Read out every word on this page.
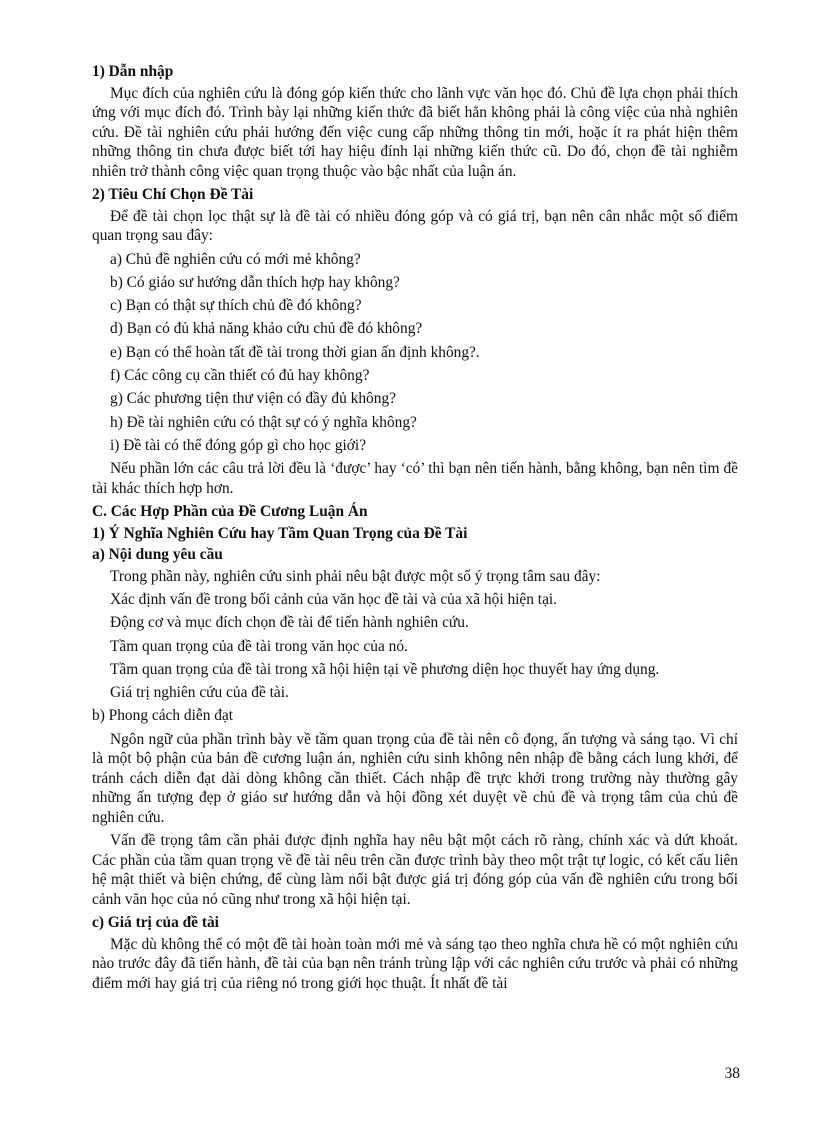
1) Dẫn nhập

Mục đích của nghiên cứu là đóng góp kiến thức cho lãnh vực văn học đó. Chủ đề lựa chọn phải thích ứng với mục đích đó. Trình bày lại những kiến thức đã biết hẳn không phải là công việc của nhà nghiên cứu. Đề tài nghiên cứu phải hướng đến việc cung cấp những thông tin mới, hoặc ít ra phát hiện thêm những thông tin chưa được biết tới hay hiệu đính lại những kiến thức cũ. Do đó, chọn đề tài nghiễm nhiên trở thành công việc quan trọng thuộc vào bậc nhất của luận án.

2) Tiêu Chí Chọn Đề Tài

Để đề tài chọn lọc thật sự là đề tài có nhiều đóng góp và có giá trị, bạn nên cân nhắc một số điểm quan trọng sau đây:

a) Chủ đề nghiên cứu có mới mẻ không?
b) Có giáo sư hướng dẫn thích hợp hay không?
c) Bạn có thật sự thích chủ đề đó không?
d) Bạn có đủ khả năng khảo cứu chủ đề đó không?
e) Bạn có thể hoàn tất đề tài trong thời gian ấn định không?.
f) Các công cụ cần thiết có đủ hay không?
g) Các phương tiện thư viện có đầy đủ không?
h) Đề tài nghiên cứu có thật sự có ý nghĩa không?
i) Đề tài có thể đóng góp gì cho học giới?

Nếu phần lớn các câu trả lời đều là ‘được’ hay ‘có’ thì bạn nên tiến hành, bằng không, bạn nên tìm đề tài khác thích hợp hơn.

C. Các Hợp Phần của Đề Cương Luận Án
1) Ý Nghĩa Nghiên Cứu hay Tầm Quan Trọng của Đề Tài
a) Nội dung yêu cầu
Trong phần này, nghiên cứu sinh phải nêu bật được một số ý trọng tâm sau đây:
Xác định vấn đề trong bối cảnh của văn học đề tài và của xã hội hiện tại.
Động cơ và mục đích chọn đề tài để tiến hành nghiên cứu.
Tầm quan trọng của đề tài trong văn học của nó.
Tầm quan trọng của đề tài trong xã hội hiện tại về phương diện học thuyết hay ứng dụng.
Giá trị nghiên cứu của đề tài.
b) Phong cách diễn đạt

Ngôn ngữ của phần trình bày về tầm quan trọng của đề tài nên cô đọng, ấn tượng và sáng tạo. Vì chỉ là một bộ phận của bản đề cương luận án, nghiên cứu sinh không nên nhập đề bằng cách lung khởi, để tránh cách diễn đạt dài dòng không cần thiết. Cách nhập đề trực khởi trong trường này thường gây những ấn tượng đẹp ở giáo sư hướng dẫn và hội đồng xét duyệt về chủ đề và trọng tâm của chủ đề nghiên cứu.

Vấn đề trọng tâm cần phải được định nghĩa hay nêu bật một cách rõ ràng, chính xác và dứt khoát. Các phần của tầm quan trọng về đề tài nêu trên cần được trình bày theo một trật tự logic, có kết cấu liên hệ mật thiết và biện chứng, để cùng làm nổi bật được giá trị đóng góp của vấn đề nghiên cứu trong bối cảnh văn học của nó cũng như trong xã hội hiện tại.

c) Giá trị của đề tài

Mặc dù không thể có một đề tài hoàn toàn mới mẻ và sáng tạo theo nghĩa chưa hề có một nghiên cứu nào trước đây đã tiến hành, đề tài của bạn nên tránh trùng lập với các nghiên cứu trước và phải có những điểm mới hay giá trị của riêng nó trong giới học thuật. Ít nhất đề tài

38
